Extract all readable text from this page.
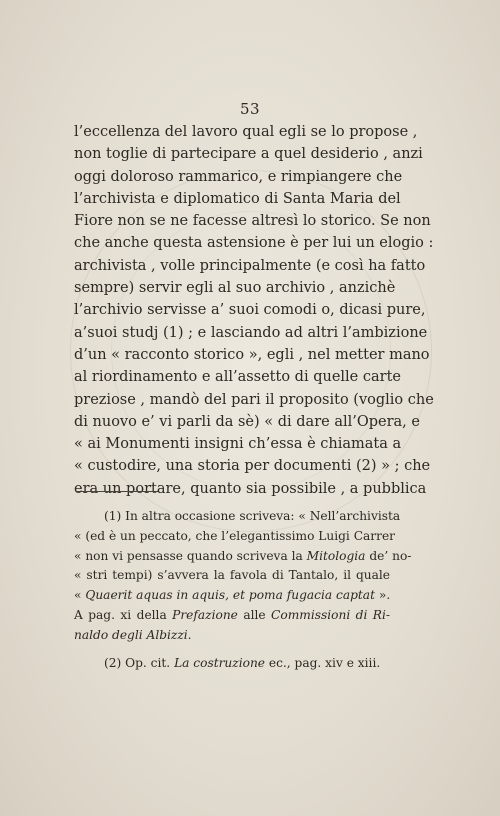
53
l’eccellenza del lavoro qual egli se lo propose ,
non toglie di partecipare a quel desiderio , anzi
oggi doloroso rammarico, e rimpiangere che
l’archivista e diplomatico di Santa Maria del
Fiore non se ne facesse altresì lo storico. Se non
che anche questa astensione è per lui un elogio :
archivista , volle principalmente (e così ha fatto
sempre) servir egli al suo archivio , anzichè
l’archivio servisse a’ suoi comodi o, dicasi pure,
a’suoi studj (1) ; e lasciando ad altri l’ambizione
d’un « racconto storico », egli , nel metter mano
al riordinamento e all’assetto di quelle carte
preziose , mandò del pari il proposito (voglio che
di nuovo e’ vi parli da sè) « di dare all’Opera, e
« ai Monumenti insigni ch’essa è chiamata a
« custodire, una storia per documenti (2) » ; che
era un portare, quanto sia possibile , a pubblica
(1) In altra occasione scriveva: « Nell’archivista
« (ed è un peccato, che l’elegantissimo Luigi Carrer
« non vi pensasse quando scriveva la Mitologia de’ no-
« stri tempi) s’avvera la favola di Tantalo, il quale
« Quaerit aquas in aquis, et poma fugacia captat ».
A pag. xi della Prefazione alle Commissioni di Ri-
naldo degli Albizzi.
(2) Op. cit. La costruzione ec., pag. xiv e xiii.
